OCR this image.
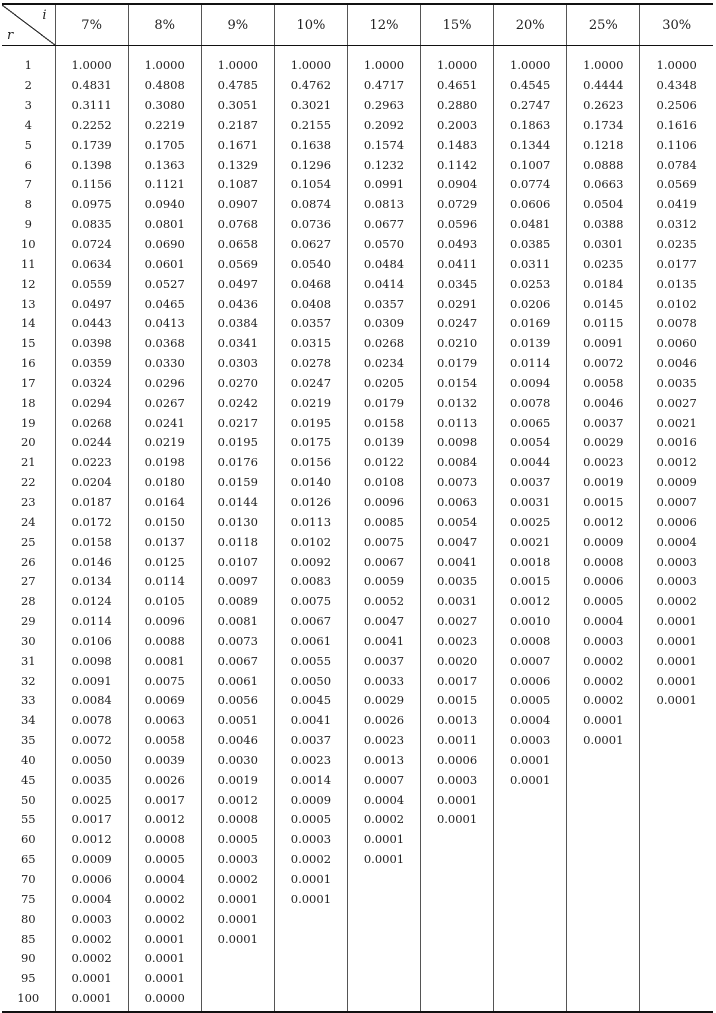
i
r	7%	8%	9%	10%	12%	15%	20%	25%	30%
1	1.0000	1.0000	1.0000	1.0000	1.0000	1.0000	1.0000	1.0000	1.0000
2	0.4831	0.4808	0.4785	0.4762	0.4717	0.4651	0.4545	0.4444	0.4348
3	0.3111	0.3080	0.3051	0.3021	0.2963	0.2880	0.2747	0.2623	0.2506
4	0.2252	0.2219	0.2187	0.2155	0.2092	0.2003	0.1863	0.1734	0.1616
5	0.1739	0.1705	0.1671	0.1638	0.1574	0.1483	0.1344	0.1218	0.1106
6	0.1398	0.1363	0.1329	0.1296	0.1232	0.1142	0.1007	0.0888	0.0784
7	0.1156	0.1121	0.1087	0.1054	0.0991	0.0904	0.0774	0.0663	0.0569
8	0.0975	0.0940	0.0907	0.0874	0.0813	0.0729	0.0606	0.0504	0.0419
9	0.0835	0.0801	0.0768	0.0736	0.0677	0.0596	0.0481	0.0388	0.0312
10	0.0724	0.0690	0.0658	0.0627	0.0570	0.0493	0.0385	0.0301	0.0235
11	0.0634	0.0601	0.0569	0.0540	0.0484	0.0411	0.0311	0.0235	0.0177
12	0.0559	0.0527	0.0497	0.0468	0.0414	0.0345	0.0253	0.0184	0.0135
13	0.0497	0.0465	0.0436	0.0408	0.0357	0.0291	0.0206	0.0145	0.0102
14	0.0443	0.0413	0.0384	0.0357	0.0309	0.0247	0.0169	0.0115	0.0078
15	0.0398	0.0368	0.0341	0.0315	0.0268	0.0210	0.0139	0.0091	0.0060
16	0.0359	0.0330	0.0303	0.0278	0.0234	0.0179	0.0114	0.0072	0.0046
17	0.0324	0.0296	0.0270	0.0247	0.0205	0.0154	0.0094	0.0058	0.0035
18	0.0294	0.0267	0.0242	0.0219	0.0179	0.0132	0.0078	0.0046	0.0027
19	0.0268	0.0241	0.0217	0.0195	0.0158	0.0113	0.0065	0.0037	0.0021
20	0.0244	0.0219	0.0195	0.0175	0.0139	0.0098	0.0054	0.0029	0.0016
21	0.0223	0.0198	0.0176	0.0156	0.0122	0.0084	0.0044	0.0023	0.0012
22	0.0204	0.0180	0.0159	0.0140	0.0108	0.0073	0.0037	0.0019	0.0009
23	0.0187	0.0164	0.0144	0.0126	0.0096	0.0063	0.0031	0.0015	0.0007
24	0.0172	0.0150	0.0130	0.0113	0.0085	0.0054	0.0025	0.0012	0.0006
25	0.0158	0.0137	0.0118	0.0102	0.0075	0.0047	0.0021	0.0009	0.0004
26	0.0146	0.0125	0.0107	0.0092	0.0067	0.0041	0.0018	0.0008	0.0003
27	0.0134	0.0114	0.0097	0.0083	0.0059	0.0035	0.0015	0.0006	0.0003
28	0.0124	0.0105	0.0089	0.0075	0.0052	0.0031	0.0012	0.0005	0.0002
29	0.0114	0.0096	0.0081	0.0067	0.0047	0.0027	0.0010	0.0004	0.0001
30	0.0106	0.0088	0.0073	0.0061	0.0041	0.0023	0.0008	0.0003	0.0001
31	0.0098	0.0081	0.0067	0.0055	0.0037	0.0020	0.0007	0.0002	0.0001
32	0.0091	0.0075	0.0061	0.0050	0.0033	0.0017	0.0006	0.0002	0.0001
33	0.0084	0.0069	0.0056	0.0045	0.0029	0.0015	0.0005	0.0002	0.0001
34	0.0078	0.0063	0.0051	0.0041	0.0026	0.0013	0.0004	0.0001	
35	0.0072	0.0058	0.0046	0.0037	0.0023	0.0011	0.0003	0.0001	
40	0.0050	0.0039	0.0030	0.0023	0.0013	0.0006	0.0001		
45	0.0035	0.0026	0.0019	0.0014	0.0007	0.0003	0.0001		
50	0.0025	0.0017	0.0012	0.0009	0.0004	0.0001			
55	0.0017	0.0012	0.0008	0.0005	0.0002	0.0001			
60	0.0012	0.0008	0.0005	0.0003	0.0001				
65	0.0009	0.0005	0.0003	0.0002	0.0001				
70	0.0006	0.0004	0.0002	0.0001					
75	0.0004	0.0002	0.0001	0.0001					
80	0.0003	0.0002	0.0001						
85	0.0002	0.0001	0.0001						
90	0.0002	0.0001							
95	0.0001	0.0001							
100	0.0001	0.0000							
